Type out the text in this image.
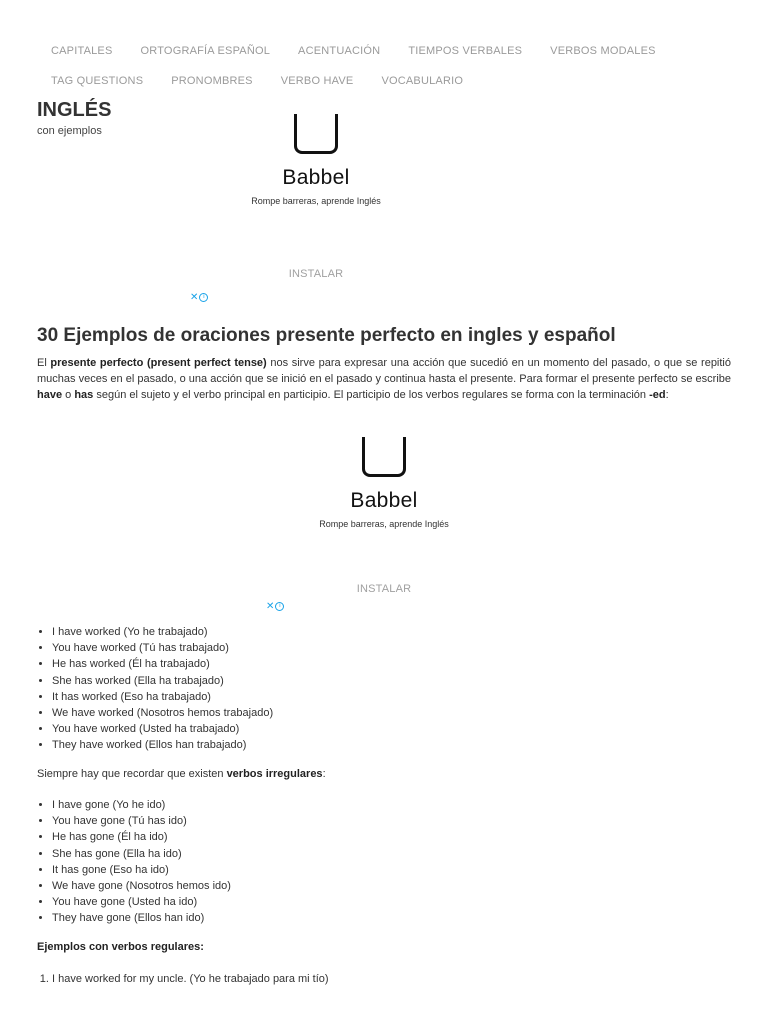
CAPITALES	ORTOGRAFÍA ESPAÑOL	ACENTUACIÓN	TIEMPOS VERBALES	VERBOS MODALES
TAG QUESTIONS	PRONOMBRES	VERBO HAVE	VOCABULARIO
INGLÉS
con ejemplos
Babbel
Rompe barreras, aprende Inglés
INSTALAR
✕ i
30 Ejemplos de oraciones presente perfecto en ingles y español

El presente perfecto (present perfect tense) nos sirve para expresar una acción que sucedió en un momento del pasado, o que se repitió muchas veces en el pasado, o una acción que se inició en el pasado y continua hasta el presente. Para formar el presente perfecto se escribe have o has según el sujeto y el verbo principal en participio. El participio de los verbos regulares se forma con la terminación -ed:

Babbel
Rompe barreras, aprende Inglés
INSTALAR
✕ i
• I have worked (Yo he trabajado)
• You have worked (Tú has trabajado)
• He has worked (Él ha trabajado)
• She has worked (Ella ha trabajado)
• It has worked (Eso ha trabajado)
• We have worked (Nosotros hemos trabajado)
• You have worked (Usted ha trabajado)
• They have worked (Ellos han trabajado)

Siempre hay que recordar que existen verbos irregulares:

• I have gone (Yo he ido)
• You have gone (Tú has ido)
• He has gone (Él ha ido)
• She has gone (Ella ha ido)
• It has gone (Eso ha ido)
• We have gone (Nosotros hemos ido)
• You have gone (Usted ha ido)
• They have gone (Ellos han ido)

Ejemplos con verbos regulares:

1. I have worked for my uncle. (Yo he trabajado para mi tío)
